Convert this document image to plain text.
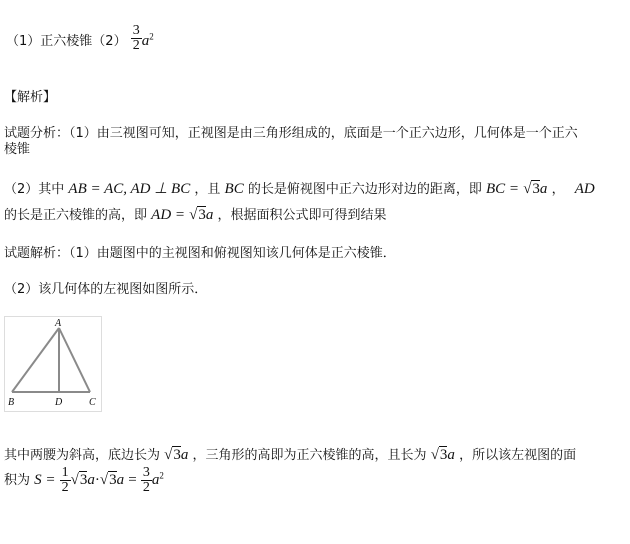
（1）正六棱锥$(2) \frac{3}{2} a^2$
【解析】
试题分析：（1）由三视图可知，正视图是由三角形组成的，底面是一个正六边形，几何体是一个正六
棱锥
（2）其中 AB = AC, AD ⊥ BC ，且 BC 的长是俯视图中正六边形对边的距离，即 BC = √3a ， AD
的长是正六棱锥的高，即 AD = √3a ，根据面积公式即可得到结果
试题解析：（1）由题图中的主视图和俯视图知该几何体是正六棱锥．
（2）该几何体的左视图如图所示．
A
B	D	C
其中两腰为斜高，底边长为 √3a ，三角形的高即为正六棱锥的高，且长为 √3a ，所以该左视图的面
积为 $S = \frac{1}{2} √3a\cdot√3a = \frac{3}{2} a^2$
